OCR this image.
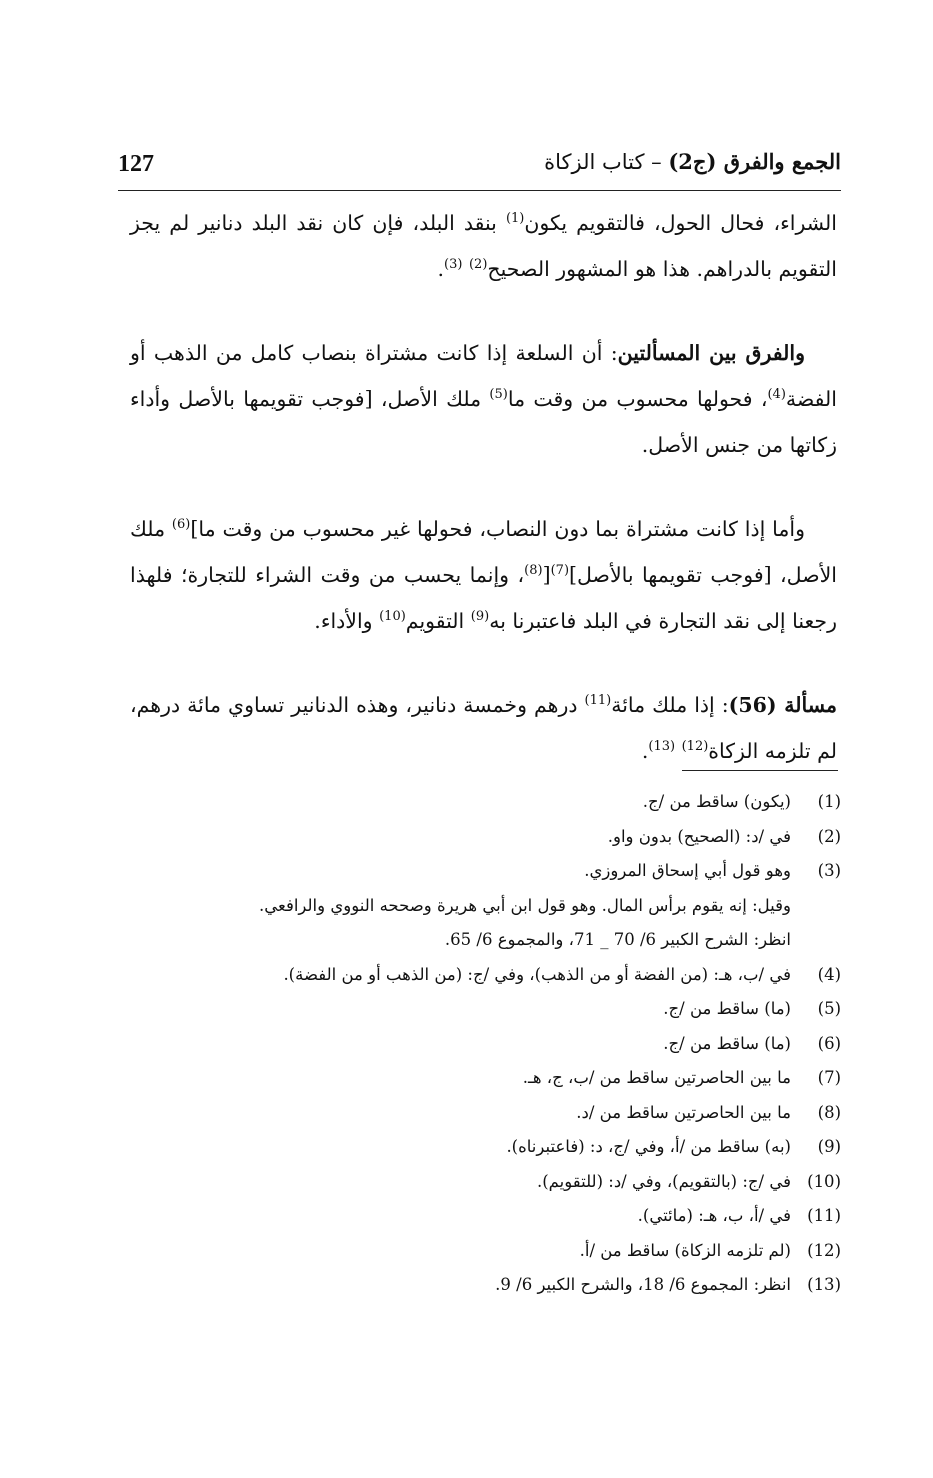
127	الجمع والفرق (ج2) – كتاب الزكاة

الشراء، فحال الحول، فالتقويم يكون$^{(1)}$ بنقد البلد، فإن كان نقد البلد دنانير لم يجز التقويم بالدراهم. هذا هو المشهور الصحيح$^{(2)}$ $^{(3)}$.

والفرق بين المسألتين: أن السلعة إذا كانت مشتراة بنصاب كامل من الذهب أو الفضة$^{(4)}$، فحولها محسوب من وقت ما$^{(5)}$ ملك الأصل، [فوجب تقويمها بالأصل وأداء زكاتها من جنس الأصل.

وأما إذا كانت مشتراة بما دون النصاب، فحولها غير محسوب من وقت ما]$^{(6)}$ ملك الأصل، [فوجب تقويمها بالأصل]$^{(7)}$[$^{(8)}$، وإنما يحسب من وقت الشراء للتجارة؛ فلهذا رجعنا إلى نقد التجارة في البلد فاعتبرنا به$^{(9)}$ التقويم$^{(10)}$ والأداء.

مسألة (56): إذا ملك مائة$^{(11)}$ درهم وخمسة دنانير، وهذه الدنانير تساوي مائة درهم، لم تلزمه الزكاة$^{(12)}$ $^{(13)}$.

(1)
(يكون) ساقط من /ج.
(2)
في /د: (الصحيح) بدون واو.
(3)
وهو قول أبي إسحاق المروزي.
وقيل: إنه يقوم برأس المال. وهو قول ابن أبي هريرة وصححه النووي والرافعي.
انظر: الشرح الكبير 6/ 70 _ 71، والمجموع 6/ 65.
(4)
في /ب، هـ: (من الفضة أو من الذهب)، وفي /ج: (من الذهب أو من الفضة).
(5)
(ما) ساقط من /ج.
(6)
(ما) ساقط من /ج.
(7)
ما بين الحاصرتين ساقط من /ب، ج، هـ.
(8)
ما بين الحاصرتين ساقط من /د.
(9)
(به) ساقط من /أ، وفي /ج، د: (فاعتبرناه).
(10)
في /ج: (بالتقويم)، وفي /د: (للتقويم).
(11)
في /أ، ب، هـ: (مائتي).
(12)
(لم تلزمه الزكاة) ساقط من /أ.
(13)
انظر: المجموع 6/ 18، والشرح الكبير 6/ 9.
